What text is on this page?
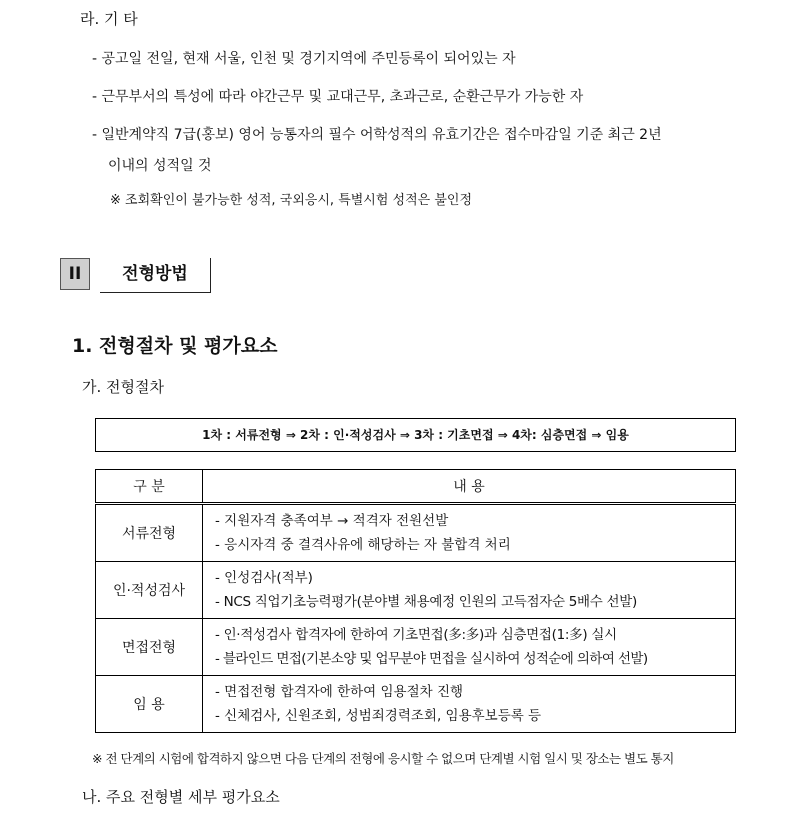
라. 기 타
- 공고일 전일, 현재 서울, 인천 및 경기지역에 주민등록이 되어있는 자
- 근무부서의 특성에 따라 야간근무 및 교대근무, 초과근로, 순환근무가 가능한 자
- 일반계약직 7급(홍보) 영어 능통자의 필수 어학성적의 유효기간은 접수마감일 기준 최근 2년
이내의 성적일 것
※ 조회확인이 불가능한 성적, 국외응시, 특별시험 성적은 불인정
II	전형방법
1. 전형절차 및 평가요소
가. 전형절차
1차 : 서류전형 ⇒ 2차 : 인·적성검사 ⇒ 3차 : 기초면접 ⇒ 4차: 심층면접 ⇒ 임용
구 분	내 용
서류전형	- 지원자격 충족여부 → 적격자 전원선발
- 응시자격 중 결격사유에 해당하는 자 불합격 처리

인·적성검사	- 인성검사(적부)
- NCS 직업기초능력평가(분야별 채용예정 인원의 고득점자순 5배수 선발)

면접전형	- 인·적성검사 합격자에 한하여 기초면접(多:多)과 심층면접(1:多) 실시
- 블라인드 면접(기본소양 및 업무분야 면접을 실시하여 성적순에 의하여 선발)

임 용	- 면접전형 합격자에 한하여 임용절차 진행
- 신체검사, 신원조회, 성범죄경력조회, 임용후보등록 등
※ 전 단계의 시험에 합격하지 않으면 다음 단계의 전형에 응시할 수 없으며 단계별 시험 일시 및 장소는 별도 통지
나. 주요 전형별 세부 평가요소
